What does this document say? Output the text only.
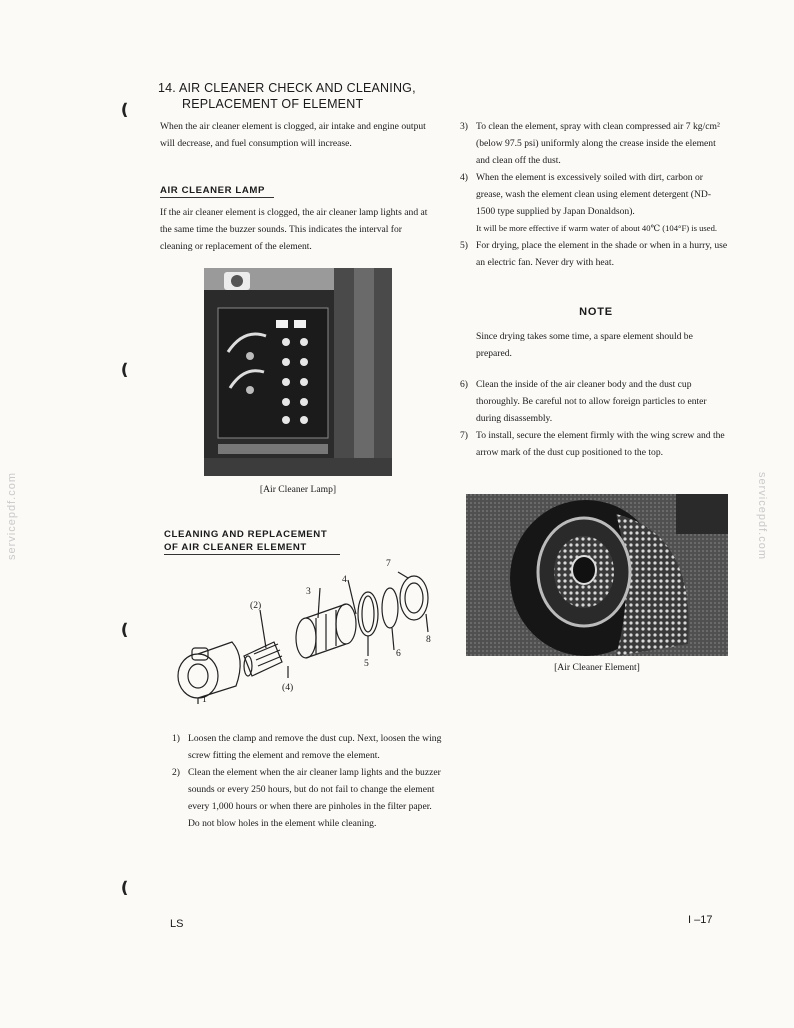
❪
❪
❪
❪
servicepdf.com	servicepdf.com
14. AIR CLEANER CHECK AND CLEANING,
REPLACEMENT OF ELEMENT
When the air cleaner element is clogged, air intake and engine output will decrease, and fuel consumption will increase.
AIR CLEANER LAMP
If the air cleaner element is clogged, the air cleaner lamp lights and at the same time the buzzer sounds. This indicates the interval for cleaning or replacement of the element.
[Air Cleaner Lamp]
CLEANING AND REPLACEMENT
OF AIR CLEANER ELEMENT
1
(2)
3
4
(4)
5
6
7
8
1) Loosen the clamp and remove the dust cup. Next, loosen the wing screw fitting the element and remove the element.
2) Clean the element when the air cleaner lamp lights and the buzzer sounds or every 250 hours, but do not fail to change the element every 1,000 hours or when there are pinholes in the filter paper. Do not blow holes in the element while cleaning.
3) To clean the element, spray with clean compressed air 7 kg/cm² (below 97.5 psi) uniformly along the crease inside the element and clean off the dust.
4) When the element is excessively soiled with dirt, carbon or grease, wash the element clean using element detergent (ND-1500 type supplied by Japan Donaldson).
It will be more effective if warm water of about 40℃ (104°F) is used.
5) For drying, place the element in the shade or when in a hurry, use an electric fan. Never dry with heat.
NOTE
Since drying takes some time, a spare element should be prepared.
6) Clean the inside of the air cleaner body and the dust cup thoroughly. Be careful not to allow foreign particles to enter during disassembly.
7) To install, secure the element firmly with the wing screw and the arrow mark of the dust cup positioned to the top.
[Air Cleaner Element]
LS	I –17
